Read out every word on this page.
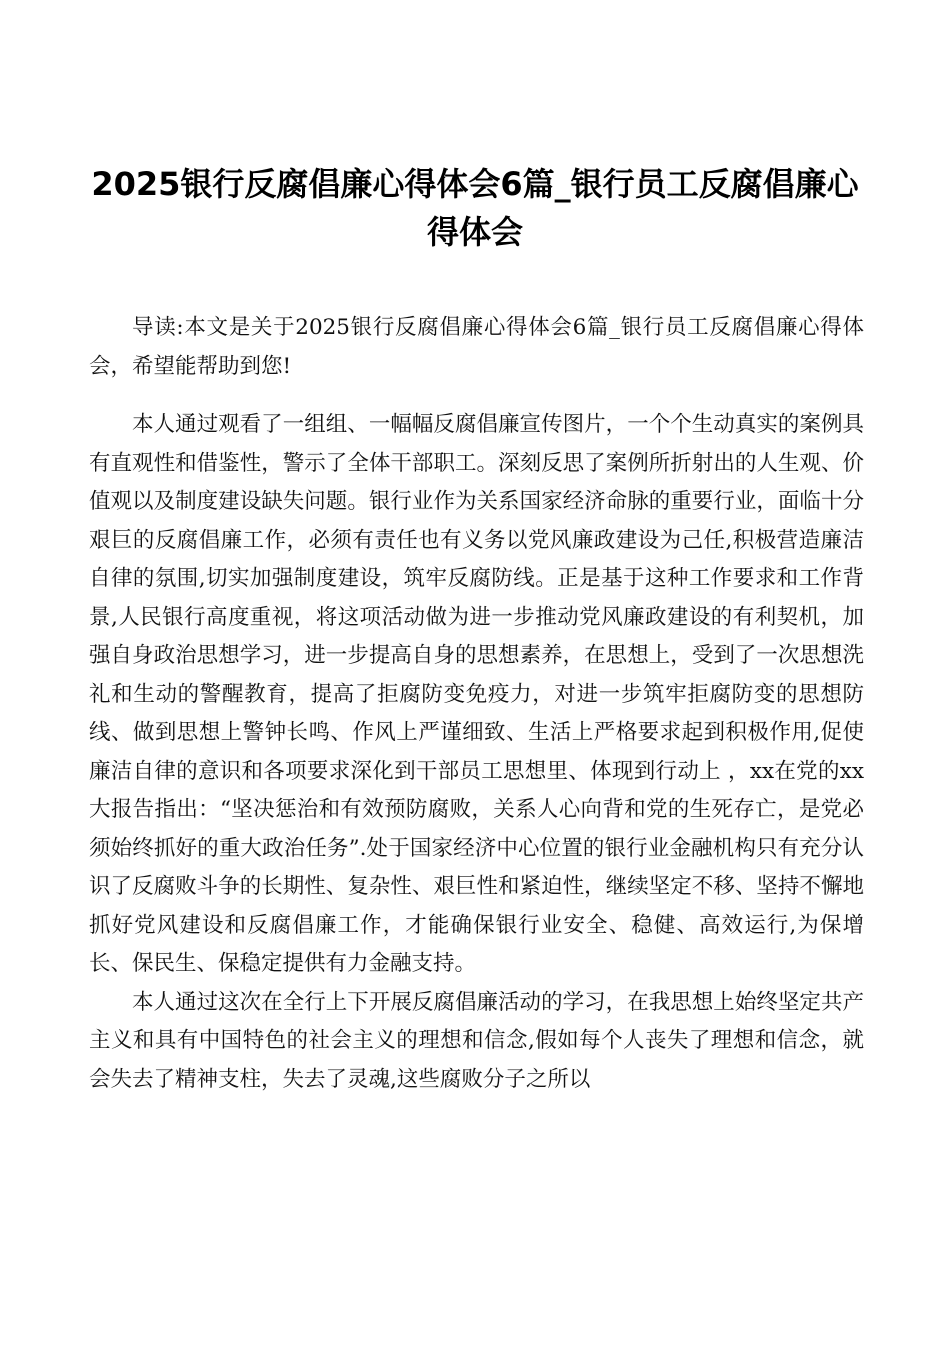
2025银行反腐倡廉心得体会6篇_银行员工反腐倡廉心得体会

导读:本文是关于2025银行反腐倡廉心得体会6篇_银行员工反腐倡廉心得体会，希望能帮助到您!

本人通过观看了一组组、一幅幅反腐倡廉宣传图片，一个个生动真实的案例具有直观性和借鉴性，警示了全体干部职工。深刻反思了案例所折射出的人生观、价值观以及制度建设缺失问题。银行业作为关系国家经济命脉的重要行业，面临十分艰巨的反腐倡廉工作，必须有责任也有义务以党风廉政建设为己任,积极营造廉洁自律的氛围,切实加强制度建设，筑牢反腐防线。正是基于这种工作要求和工作背景,人民银行高度重视，将这项活动做为进一步推动党风廉政建设的有利契机，加强自身政治思想学习，进一步提高自身的思想素养，在思想上，受到了一次思想洗礼和生动的警醒教育，提高了拒腐防变免疫力，对进一步筑牢拒腐防变的思想防线、做到思想上警钟长鸣、作风上严谨细致、生活上严格要求起到积极作用,促使廉洁自律的意识和各项要求深化到干部员工思想里、体现到行动上 ，xx在党的xx大报告指出：“坚决惩治和有效预防腐败，关系人心向背和党的生死存亡，是党必须始终抓好的重大政治任务”.处于国家经济中心位置的银行业金融机构只有充分认识了反腐败斗争的长期性、复杂性、艰巨性和紧迫性，继续坚定不移、坚持不懈地抓好党风建设和反腐倡廉工作，才能确保银行业安全、稳健、高效运行,为保增长、保民生、保稳定提供有力金融支持。

本人通过这次在全行上下开展反腐倡廉活动的学习，在我思想上始终坚定共产主义和具有中国特色的社会主义的理想和信念,假如每个人丧失了理想和信念，就会失去了精神支柱，失去了灵魂,这些腐败分子之所以
